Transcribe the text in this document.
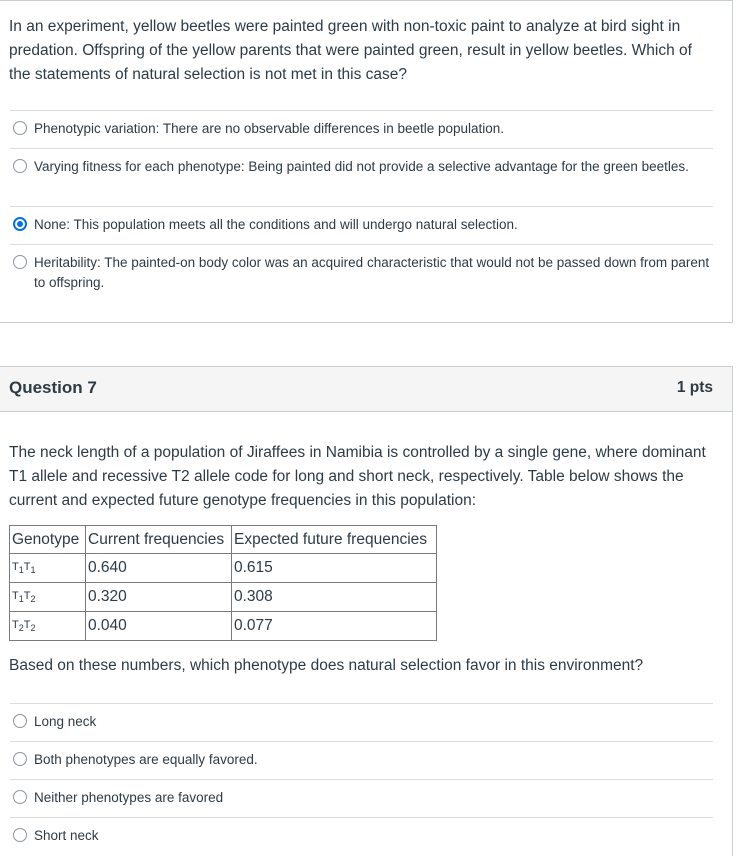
In an experiment, yellow beetles were painted green with non-toxic paint to analyze at bird sight in predation. Offspring of the yellow parents that were painted green, result in yellow beetles. Which of the statements of natural selection is not met in this case?

Phenotypic variation: There are no observable differences in beetle population.
Varying fitness for each phenotype: Being painted did not provide a selective advantage for the green beetles.
None: This population meets all the conditions and will undergo natural selection.
Heritability: The painted-on body color was an acquired characteristic that would not be passed down from parent to offspring.
Question 7	1 pts

The neck length of a population of Jiraffees in Namibia is controlled by a single gene, where dominant T1 allele and recessive T2 allele code for long and short neck, respectively. Table below shows the current and expected future genotype frequencies in this population:

Genotype	Current frequencies	Expected future frequencies
$T_1T_1$	0.640	0.615
$T_1T_2$	0.320	0.308
$T_2T_2$	0.040	0.077

Based on these numbers, which phenotype does natural selection favor in this environment?

Long neck
Both phenotypes are equally favored.
Neither phenotypes are favored
Short neck
